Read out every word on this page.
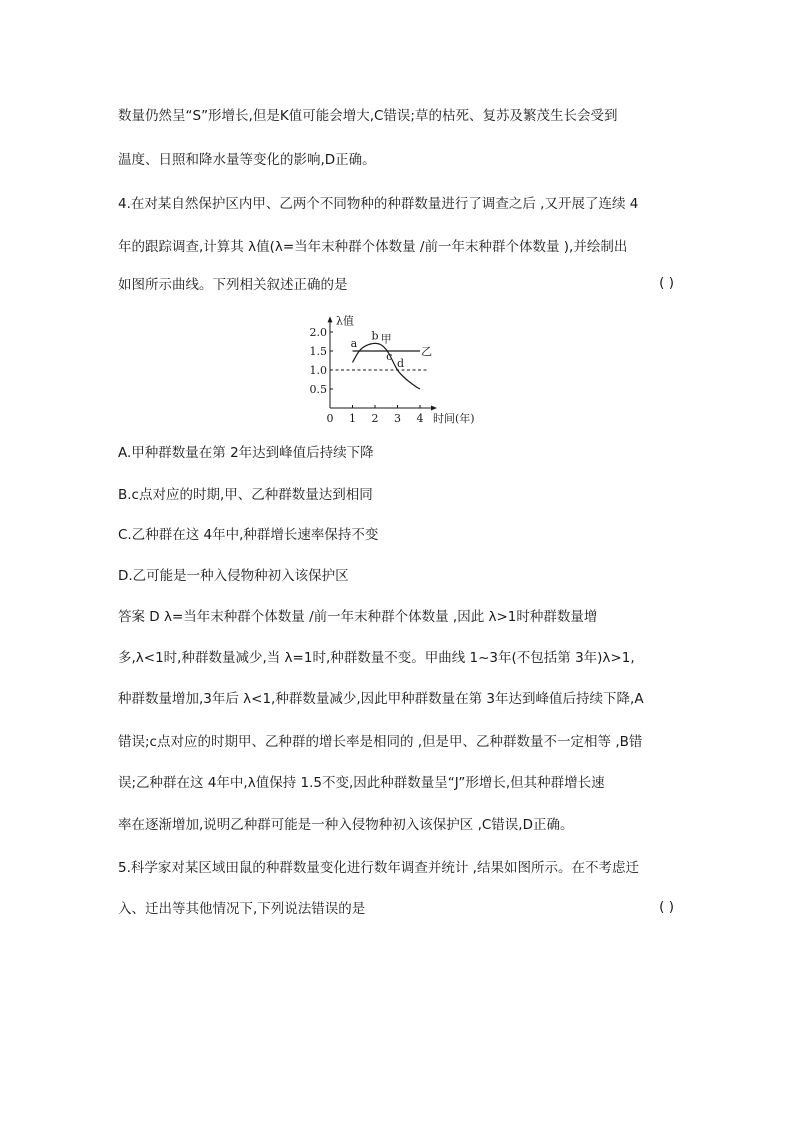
数量仍然呈“S”形增长,但是K值可能会增大,C错误;草的枯死、复苏及繁茂生长会受到
温度、日照和降水量等变化的影响,D正确。
4.在对某自然保护区内甲、乙两个不同物种的种群数量进行了调查之后 ,又开展了连续 4
年的跟踪调查,计算其 λ值(λ=当年末种群个体数量 /前一年末种群个体数量 ),并绘制出
如图所示曲线。下列相关叙述正确的是	( )
λ值
时间(年)
0 1 2 3 4
0.5
1.0
1.5
2.0
甲
乙
a
b
c
d
A.甲种群数量在第 2年达到峰值后持续下降
B.c点对应的时期,甲、乙种群数量达到相同
C.乙种群在这 4年中,种群增长速率保持不变
D.乙可能是一种入侵物种初入该保护区
答案 D λ=当年末种群个体数量 /前一年末种群个体数量 ,因此 λ>1时种群数量增
多,λ<1时,种群数量减少,当 λ=1时,种群数量不变。甲曲线 1~3年(不包括第 3年)λ>1,
种群数量增加,3年后 λ<1,种群数量减少,因此甲种群数量在第 3年达到峰值后持续下降,A
错误;c点对应的时期甲、乙种群的增长率是相同的 ,但是甲、乙种群数量不一定相等 ,B错
误;乙种群在这 4年中,λ值保持 1.5不变,因此种群数量呈“J”形增长,但其种群增长速
率在逐渐增加,说明乙种群可能是一种入侵物种初入该保护区 ,C错误,D正确。
5.科学家对某区域田鼠的种群数量变化进行数年调查并统计 ,结果如图所示。在不考虑迁
入、迁出等其他情况下,下列说法错误的是	( )
